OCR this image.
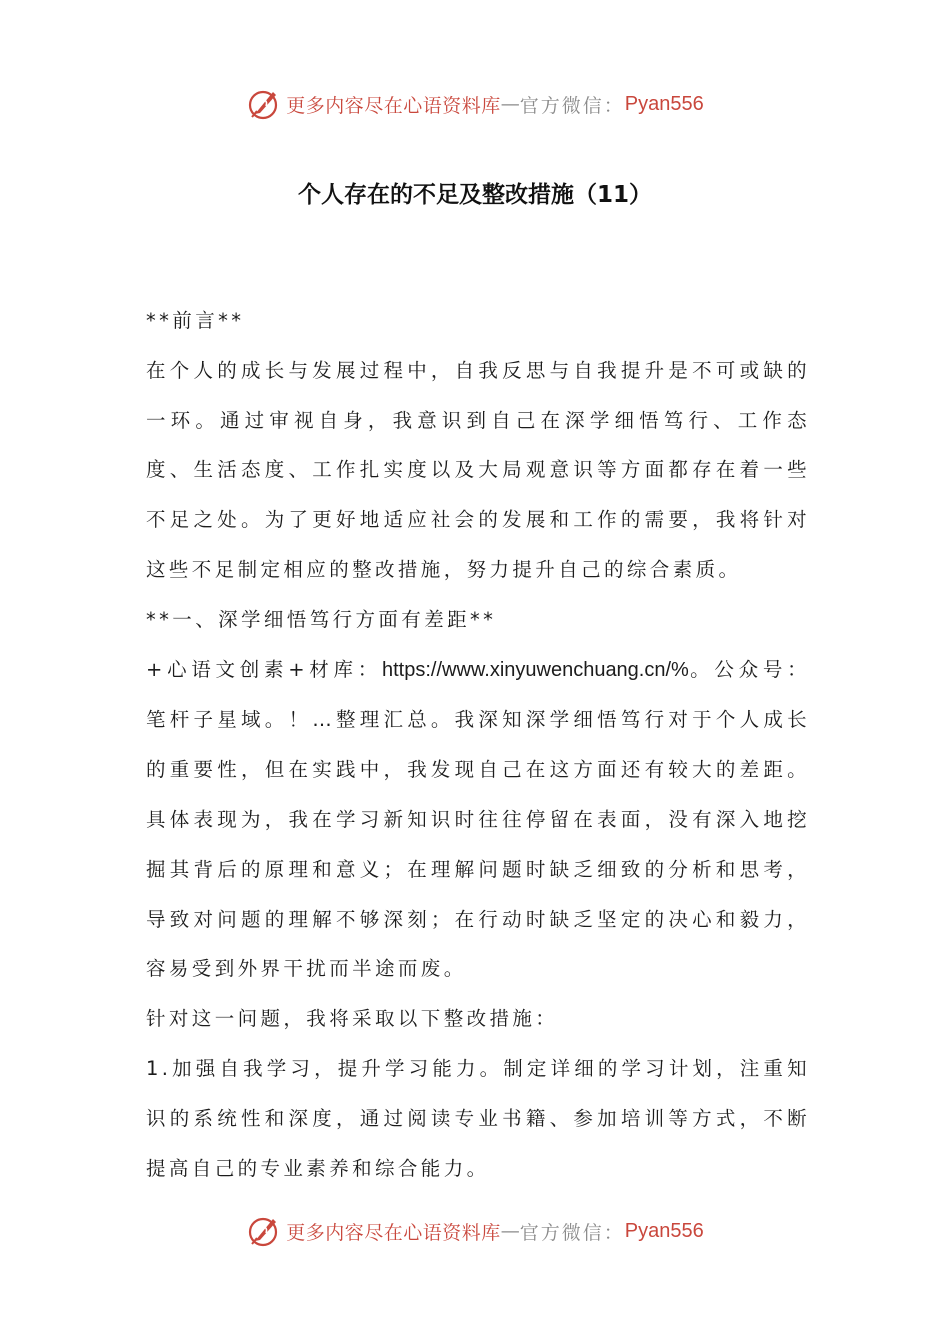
更多内容尽在心语资料库 — 官方微信： Pyan556
个人存在的不足及整改措施（11）

**前言**

在个人的成长与发展过程中，自我反思与自我提升是不可或缺的一环。通过审视自身，我意识到自己在深学细悟笃行、工作态度、生活态度、工作扎实度以及大局观意识等方面都存在着一些不足之处。为了更好地适应社会的发展和工作的需要，我将针对这些不足制定相应的整改措施，努力提升自己的综合素质。

**一、深学细悟笃行方面有差距**

+心语文创素+材库：https://www.xinyuwenchuang.cn/%。公众号：笔杆子星域。！…整理汇总。我深知深学细悟笃行对于个人成长的重要性，但在实践中，我发现自己在这方面还有较大的差距。具体表现为，我在学习新知识时往往停留在表面，没有深入地挖掘其背后的原理和意义；在理解问题时缺乏细致的分析和思考，导致对问题的理解不够深刻；在行动时缺乏坚定的决心和毅力，容易受到外界干扰而半途而废。

针对这一问题，我将采取以下整改措施：

1.加强自我学习，提升学习能力。制定详细的学习计划，注重知识的系统性和深度，通过阅读专业书籍、参加培训等方式，不断提高自己的专业素养和综合能力。

更多内容尽在心语资料库 — 官方微信： Pyan556
